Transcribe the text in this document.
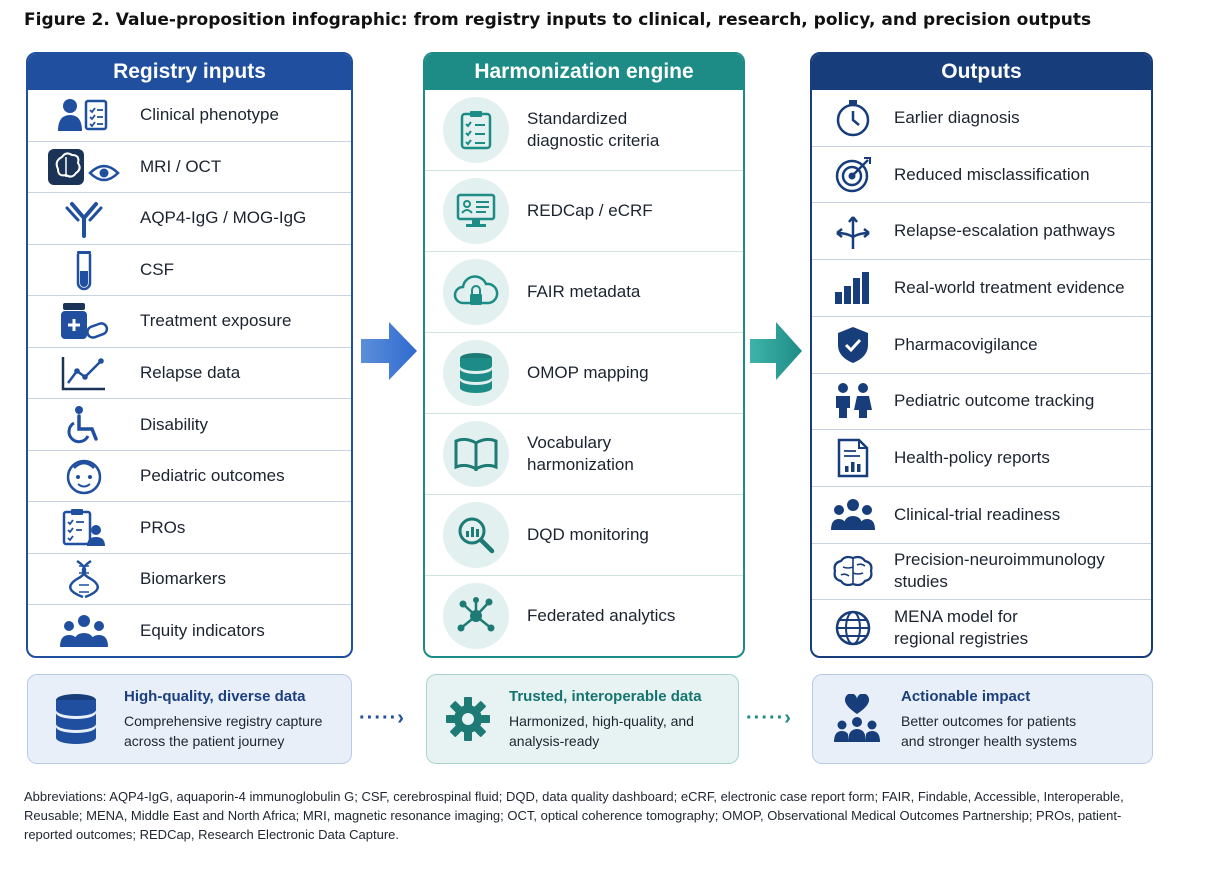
Figure 2. Value-proposition infographic: from registry inputs to clinical, research, policy, and precision outputs
Registry inputs
Clinical phenotype
MRI / OCT
AQP4-IgG / MOG-IgG
CSF
Treatment exposure
Relapse data
Disability
Pediatric outcomes
PROs
Biomarkers
Equity indicators
Harmonization engine
Standardized diagnostic criteria
REDCap / eCRF
FAIR metadata
OMOP mapping
Vocabulary harmonization
DQD monitoring
Federated analytics
Outputs
Earlier diagnosis
Reduced misclassification
Relapse-escalation pathways
Real-world treatment evidence
Pharmacovigilance
Pediatric outcome tracking
Health-policy reports
Clinical-trial readiness
Precision-neuroimmunology studies
MENA model for regional registries
High-quality, diverse data
Comprehensive registry capture across the patient journey
·····›
Trusted, interoperable data
Harmonized, high-quality, and analysis-ready
·····›
Actionable impact
Better outcomes for patients and stronger health systems
Abbreviations: AQP4-IgG, aquaporin-4 immunoglobulin G; CSF, cerebrospinal fluid; DQD, data quality dashboard; eCRF, electronic case report form; FAIR, Findable, Accessible, Interoperable, Reusable; MENA, Middle East and North Africa; MRI, magnetic resonance imaging; OCT, optical coherence tomography; OMOP, Observational Medical Outcomes Partnership; PROs, patient-reported outcomes; REDCap, Research Electronic Data Capture.
